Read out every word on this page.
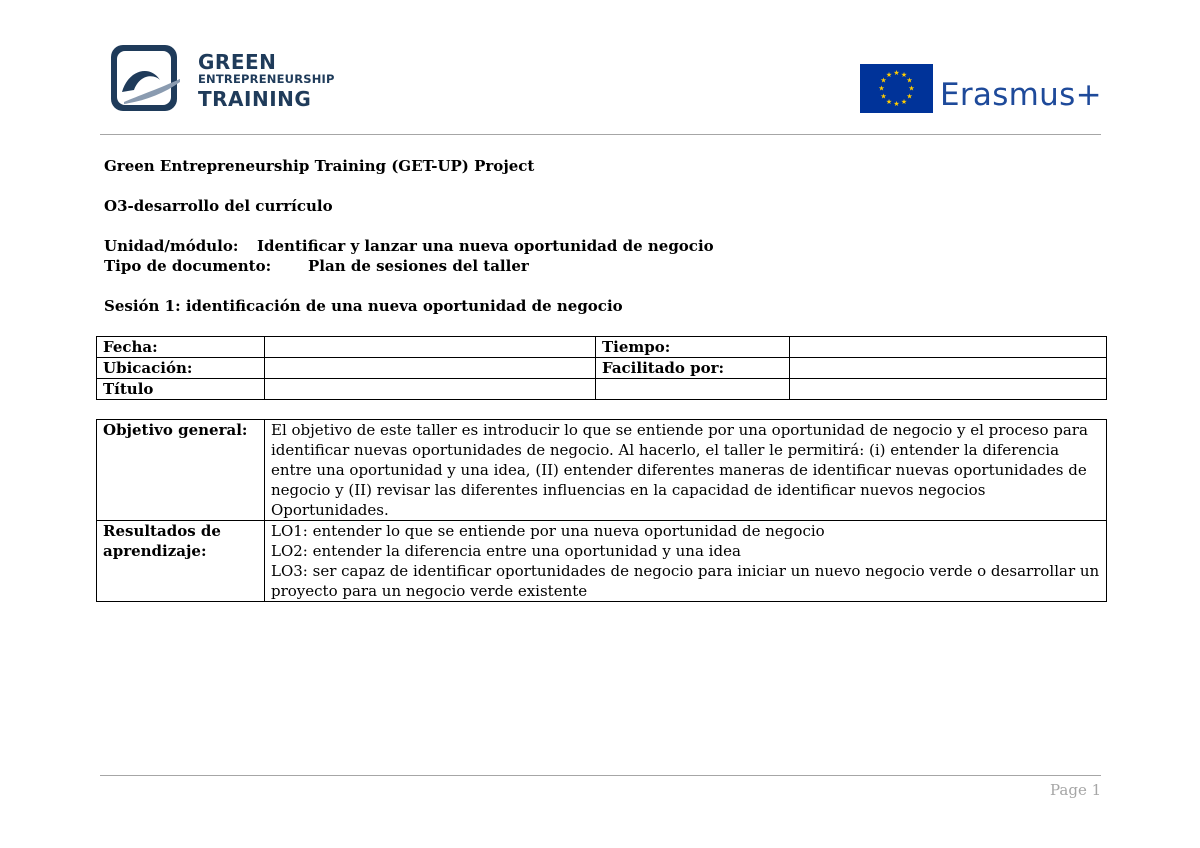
GREEN
ENTREPRENEURSHIP
TRAINING
★ ★
★
★
★
★
★
★
★
★
★
★
Erasmus+
Green Entrepreneurship Training (GET-UP) Project
O3-desarrollo del currículo
Unidad/módulo: Identificar y lanzar una nueva oportunidad de negocio
Tipo de documento: Plan de sesiones del taller
Sesión 1: identificación de una nueva oportunidad de negocio
Fecha:		Tiempo:	
Ubicación:		Facilitado por:	
Título			
Objetivo general:	El objetivo de este taller es introducir lo que se entiende por una oportunidad de negocio y el proceso para identificar nuevas oportunidades de negocio. Al hacerlo, el taller le permitirá: (i) entender la diferencia entre una oportunidad y una idea, (II) entender diferentes maneras de identificar nuevas oportunidades de negocio y (II) revisar las diferentes influencias en la capacidad de identificar nuevos negocios Oportunidades.

Resultados de
aprendizaje:	LO1: entender lo que se entiende por una nueva oportunidad de negocio
LO2: entender la diferencia entre una oportunidad y una idea
LO3: ser capaz de identificar oportunidades de negocio para iniciar un nuevo negocio verde o desarrollar un proyecto para un negocio verde existente
Page 1
